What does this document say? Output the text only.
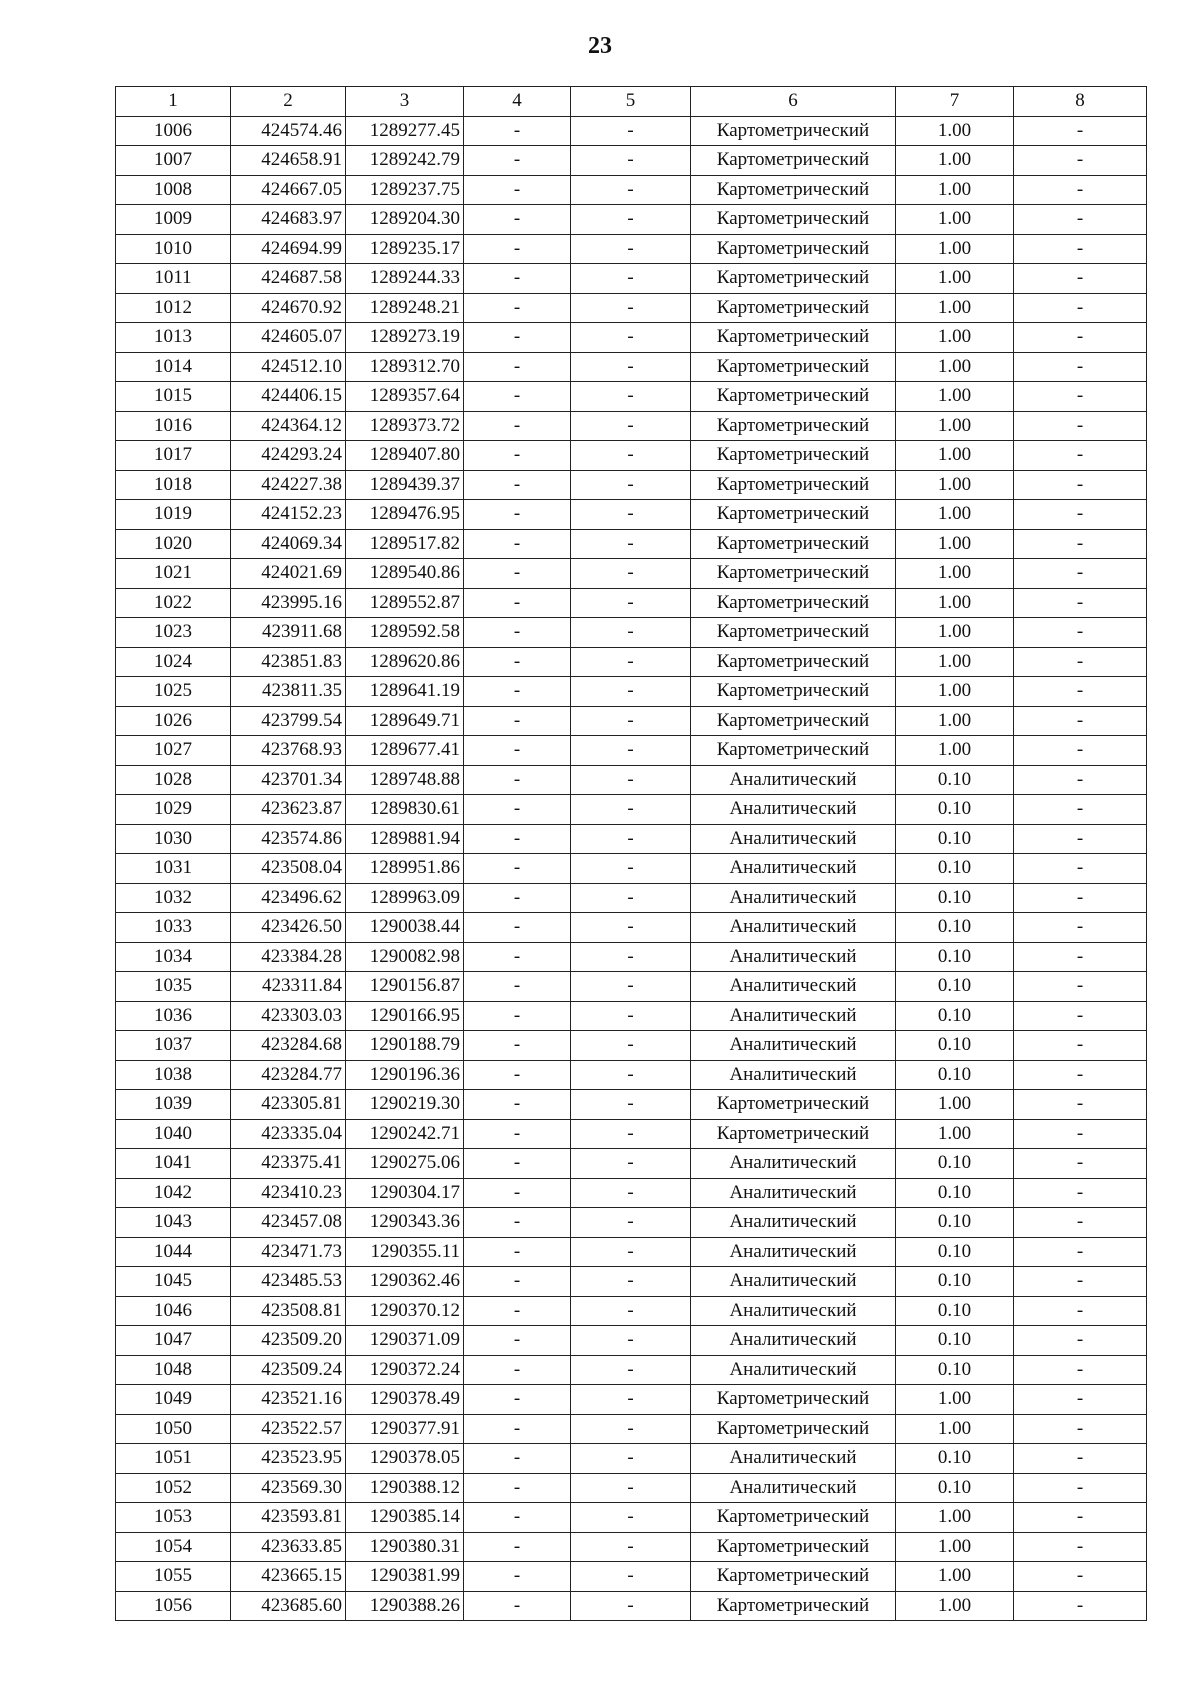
23
1	2	3	4	5	6	7	8
1006	424574.46	1289277.45	-	-	Картометрический	1.00	-
1007	424658.91	1289242.79	-	-	Картометрический	1.00	-
1008	424667.05	1289237.75	-	-	Картометрический	1.00	-
1009	424683.97	1289204.30	-	-	Картометрический	1.00	-
1010	424694.99	1289235.17	-	-	Картометрический	1.00	-
1011	424687.58	1289244.33	-	-	Картометрический	1.00	-
1012	424670.92	1289248.21	-	-	Картометрический	1.00	-
1013	424605.07	1289273.19	-	-	Картометрический	1.00	-
1014	424512.10	1289312.70	-	-	Картометрический	1.00	-
1015	424406.15	1289357.64	-	-	Картометрический	1.00	-
1016	424364.12	1289373.72	-	-	Картометрический	1.00	-
1017	424293.24	1289407.80	-	-	Картометрический	1.00	-
1018	424227.38	1289439.37	-	-	Картометрический	1.00	-
1019	424152.23	1289476.95	-	-	Картометрический	1.00	-
1020	424069.34	1289517.82	-	-	Картометрический	1.00	-
1021	424021.69	1289540.86	-	-	Картометрический	1.00	-
1022	423995.16	1289552.87	-	-	Картометрический	1.00	-
1023	423911.68	1289592.58	-	-	Картометрический	1.00	-
1024	423851.83	1289620.86	-	-	Картометрический	1.00	-
1025	423811.35	1289641.19	-	-	Картометрический	1.00	-
1026	423799.54	1289649.71	-	-	Картометрический	1.00	-
1027	423768.93	1289677.41	-	-	Картометрический	1.00	-
1028	423701.34	1289748.88	-	-	Аналитический	0.10	-
1029	423623.87	1289830.61	-	-	Аналитический	0.10	-
1030	423574.86	1289881.94	-	-	Аналитический	0.10	-
1031	423508.04	1289951.86	-	-	Аналитический	0.10	-
1032	423496.62	1289963.09	-	-	Аналитический	0.10	-
1033	423426.50	1290038.44	-	-	Аналитический	0.10	-
1034	423384.28	1290082.98	-	-	Аналитический	0.10	-
1035	423311.84	1290156.87	-	-	Аналитический	0.10	-
1036	423303.03	1290166.95	-	-	Аналитический	0.10	-
1037	423284.68	1290188.79	-	-	Аналитический	0.10	-
1038	423284.77	1290196.36	-	-	Аналитический	0.10	-
1039	423305.81	1290219.30	-	-	Картометрический	1.00	-
1040	423335.04	1290242.71	-	-	Картометрический	1.00	-
1041	423375.41	1290275.06	-	-	Аналитический	0.10	-
1042	423410.23	1290304.17	-	-	Аналитический	0.10	-
1043	423457.08	1290343.36	-	-	Аналитический	0.10	-
1044	423471.73	1290355.11	-	-	Аналитический	0.10	-
1045	423485.53	1290362.46	-	-	Аналитический	0.10	-
1046	423508.81	1290370.12	-	-	Аналитический	0.10	-
1047	423509.20	1290371.09	-	-	Аналитический	0.10	-
1048	423509.24	1290372.24	-	-	Аналитический	0.10	-
1049	423521.16	1290378.49	-	-	Картометрический	1.00	-
1050	423522.57	1290377.91	-	-	Картометрический	1.00	-
1051	423523.95	1290378.05	-	-	Аналитический	0.10	-
1052	423569.30	1290388.12	-	-	Аналитический	0.10	-
1053	423593.81	1290385.14	-	-	Картометрический	1.00	-
1054	423633.85	1290380.31	-	-	Картометрический	1.00	-
1055	423665.15	1290381.99	-	-	Картометрический	1.00	-
1056	423685.60	1290388.26	-	-	Картометрический	1.00	-
